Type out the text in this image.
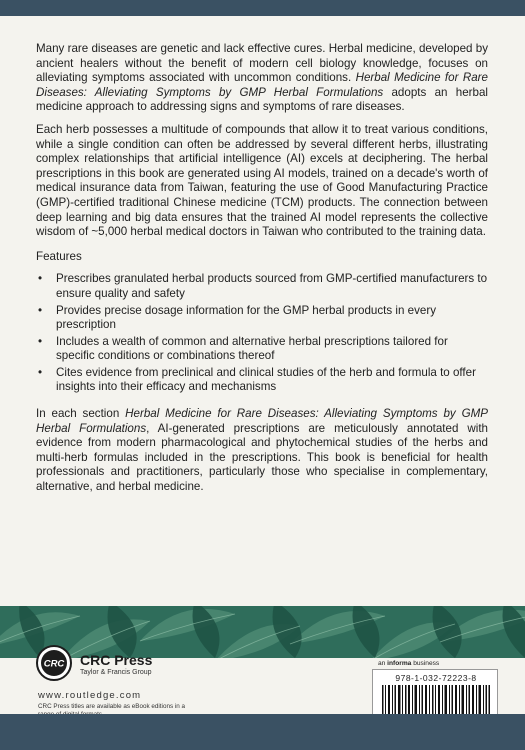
Many rare diseases are genetic and lack effective cures. Herbal medicine, developed by ancient healers without the benefit of modern cell biology knowledge, focuses on alleviating symptoms associated with uncommon conditions. Herbal Medicine for Rare Diseases: Alleviating Symptoms by GMP Herbal Formulations adopts an herbal medicine approach to addressing signs and symptoms of rare diseases.

Each herb possesses a multitude of compounds that allow it to treat various conditions, while a single condition can often be addressed by several different herbs, illustrating complex relationships that artificial intelligence (AI) excels at deciphering. The herbal prescriptions in this book are generated using AI models, trained on a decade's worth of medical insurance data from Taiwan, featuring the use of Good Manufacturing Practice (GMP)-certified traditional Chinese medicine (TCM) products. The connection between deep learning and big data ensures that the trained AI model represents the collective wisdom of ~5,000 herbal medical doctors in Taiwan who contributed to the training data.

Features

• Prescribes granulated herbal products sourced from GMP-certified manufacturers to ensure quality and safety
• Provides precise dosage information for the GMP herbal products in every prescription
• Includes a wealth of common and alternative herbal prescriptions tailored for specific conditions or combinations thereof
• Cites evidence from preclinical and clinical studies of the herb and formula to offer insights into their efficacy and mechanisms

In each section Herbal Medicine for Rare Diseases: Alleviating Symptoms by GMP Herbal Formulations, AI-generated prescriptions are meticulously annotated with evidence from modern pharmacological and phytochemical studies of the herbs and multi-herb formulas included in the prescriptions. This book is beneficial for health professionals and practitioners, particularly those who specialise in complementary, alternative, and herbal medicine.

CRC CRC Press
Taylor & Francis Group
www.routledge.com
CRC Press titles are available as eBook editions in a
an informa business
978-1-032-72223-8
